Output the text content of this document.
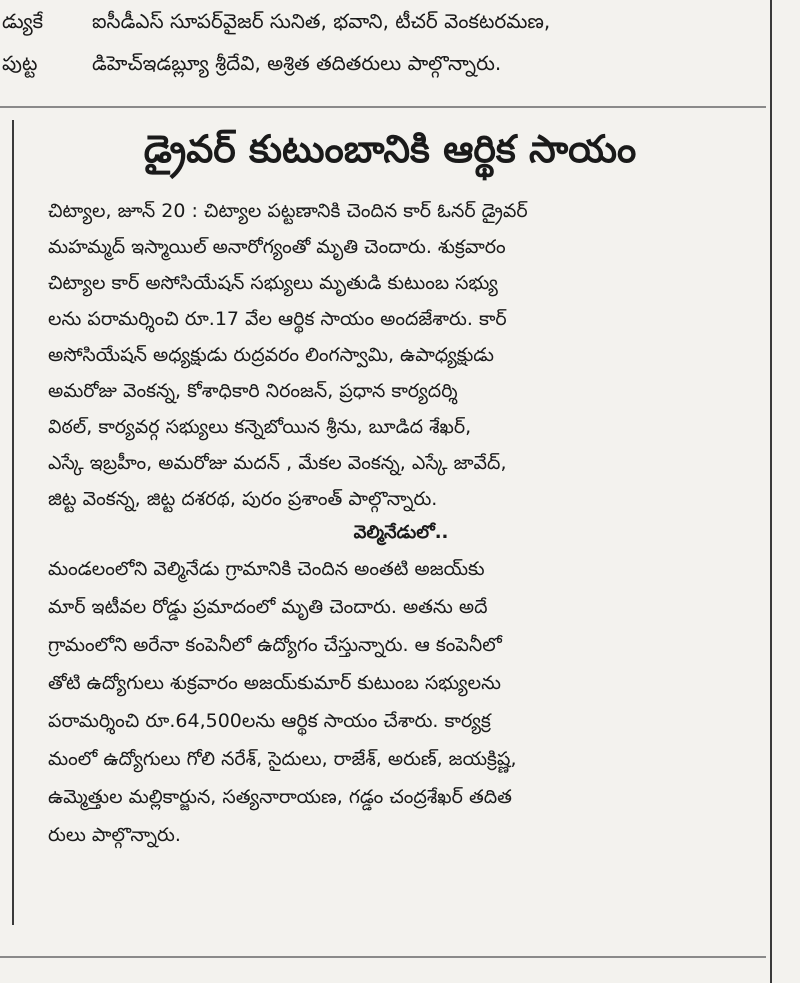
డ్యుకే
పుట్ట
ఐసీడీఎస్ సూపర్‌వైజర్ సునిత, భవాని, టీచర్ వెంకటరమణ,
డిహెచ్‌ఇడబ్ల్యూ శ్రీదేవి, అశ్రిత తదితరులు పాల్గొన్నారు.
డ్రైవర్ కుటుంబానికి ఆర్థిక సాయం
చిట్యాల, జూన్ 20 : చిట్యాల పట్టణానికి చెందిన కార్ ఓనర్ డ్రైవర్
మహమ్మద్ ఇస్మాయిల్ అనారోగ్యంతో మృతి చెందారు. శుక్రవారం
చిట్యాల కార్ అసోసియేషన్ సభ్యులు మృతుడి కుటుంబ సభ్యు
లను పరామర్శించి రూ.17 వేల ఆర్థిక సాయం అందజేశారు. కార్
అసోసియేషన్ అధ్యక్షుడు రుద్రవరం లింగస్వామి, ఉపాధ్యక్షుడు
అమరోజు వెంకన్న, కోశాధికారి నిరంజన్, ప్రధాన కార్యదర్శి
విఠల్, కార్యవర్గ సభ్యులు కన్నెబోయిన శ్రీను, బూడిద శేఖర్,
ఎస్కే ఇబ్రహీం, అమరోజు మదన్ , మేకల వెంకన్న, ఎస్కే జావేద్,
జిట్ట వెంకన్న, జిట్ట దశరథ, పురం ప్రశాంత్ పాల్గొన్నారు.
వెల్మినేడులో..
మండలంలోని వెల్మినేడు గ్రామానికి చెందిన అంతటి అజయ్‌కు
మార్ ఇటీవల రోడ్డు ప్రమాదంలో మృతి చెందారు. అతను అదే
గ్రామంలోని అరేనా కంపెనీలో ఉద్యోగం చేస్తున్నారు. ఆ కంపెనీలో
తోటి ఉద్యోగులు శుక్రవారం అజయ్‌కుమార్ కుటుంబ సభ్యులను
పరామర్శించి రూ.64,500లను ఆర్థిక సాయం చేశారు. కార్యక్ర
మంలో ఉద్యోగులు గోలి నరేశ్, సైదులు, రాజేశ్, అరుణ్, జయక్రిష్ణ,
ఉమ్మెత్తుల మల్లికార్జున, సత్యనారాయణ, గడ్డం చంద్రశేఖర్ తదిత
రులు పాల్గొన్నారు.
